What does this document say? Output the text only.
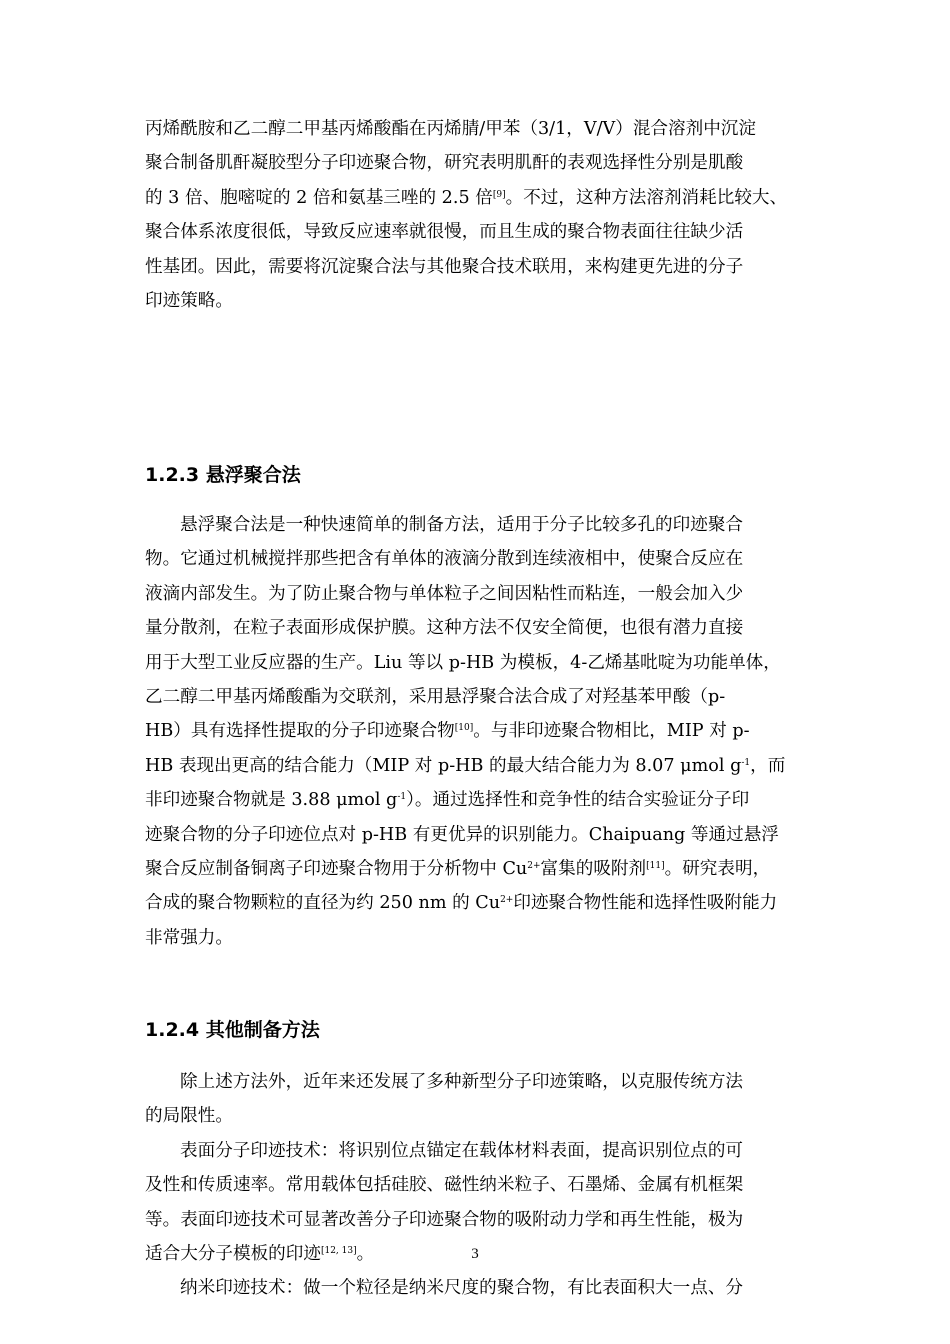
丙烯酰胺和乙二醇二甲基丙烯酸酯在丙烯腈/甲苯（3/1，V/V）混合溶剂中沉淀
聚合制备肌酐凝胶型分子印迹聚合物，研究表明肌酐的表观选择性分别是肌酸
的 3 倍、胞嘧啶的 2 倍和氨基三唑的 2.5 倍[9]。不过，这种方法溶剂消耗比较大、
聚合体系浓度很低，导致反应速率就很慢，而且生成的聚合物表面往往缺少活
性基团。因此，需要将沉淀聚合法与其他聚合技术联用，来构建更先进的分子
印迹策略。

1.2.3 悬浮聚合法

悬浮聚合法是一种快速简单的制备方法，适用于分子比较多孔的印迹聚合
物。它通过机械搅拌那些把含有单体的液滴分散到连续液相中，使聚合反应在
液滴内部发生。为了防止聚合物与单体粒子之间因粘性而粘连，一般会加入少
量分散剂，在粒子表面形成保护膜。这种方法不仅安全简便，也很有潜力直接
用于大型工业反应器的生产。Liu 等以 p-HB 为模板，4-乙烯基吡啶为功能单体，
乙二醇二甲基丙烯酸酯为交联剂，采用悬浮聚合法合成了对羟基苯甲酸（p-
HB）具有选择性提取的分子印迹聚合物[10]。与非印迹聚合物相比，MIP 对 p-
HB 表现出更高的结合能力（MIP 对 p-HB 的最大结合能力为 8.07 μmol $g^{-1}$，而
非印迹聚合物就是 3.88 μmol $g^{-1}$）。通过选择性和竞争性的结合实验证分子印
迹聚合物的分子印迹位点对 p-HB 有更优异的识别能力。Chaipuang 等通过悬浮
聚合反应制备铜离子印迹聚合物用于分析物中 $Cu^{2+}$富集的吸附剂[11]。研究表明，
合成的聚合物颗粒的直径为约 250 nm 的 $Cu^{2+}$印迹聚合物性能和选择性吸附能力
非常强力。

1.2.4 其他制备方法

除上述方法外，近年来还发展了多种新型分子印迹策略，以克服传统方法
的局限性。

表面分子印迹技术：将识别位点锚定在载体材料表面，提高识别位点的可
及性和传质速率。常用载体包括硅胶、磁性纳米粒子、石墨烯、金属有机框架
等。表面印迹技术可显著改善分子印迹聚合物的吸附动力学和再生性能，极为
适合大分子模板的印迹[12, 13]。

纳米印迹技术：做一个粒径是纳米尺度的聚合物，有比表面积大一点、分

3
